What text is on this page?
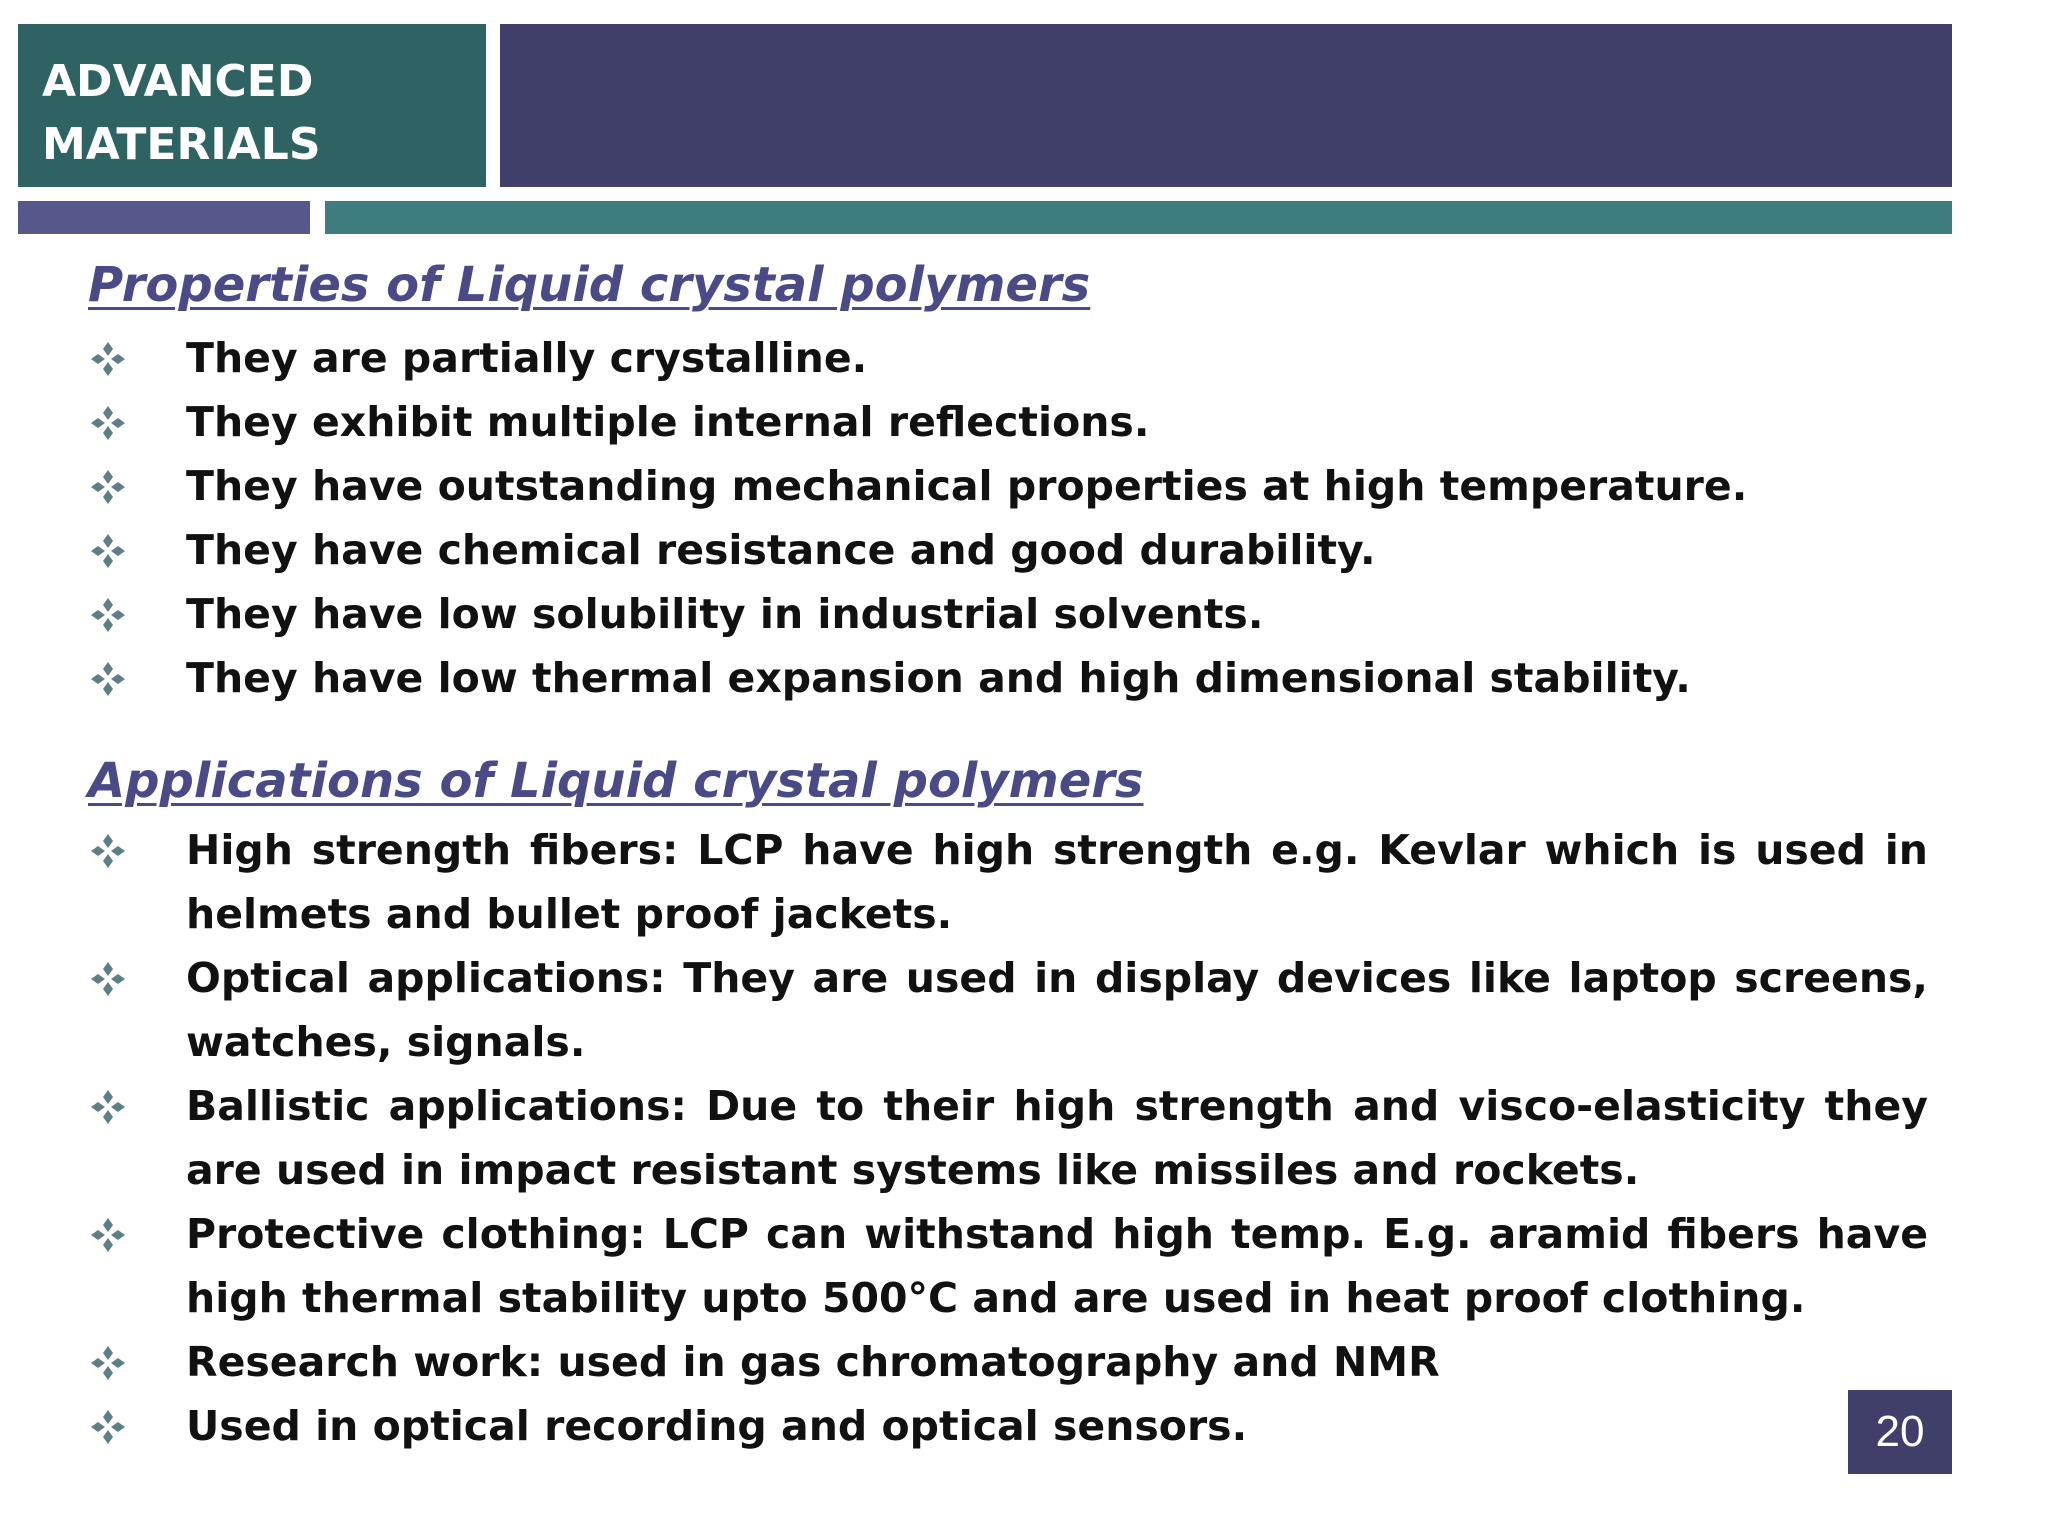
ADVANCED
MATERIALS
Properties of Liquid crystal polymers
They are partially crystalline.
They exhibit multiple internal reflections.
They have outstanding mechanical properties at high temperature.
They have chemical resistance and good durability.
They have low solubility in industrial solvents.
They have low thermal expansion and high dimensional stability.
Applications of Liquid crystal polymers
High strength fibers: LCP have high strength e.g. Kevlar which is used in helmets and bullet proof jackets.
Optical applications: They are used in display devices like laptop screens, watches, signals.
Ballistic applications: Due to their high strength and visco-elasticity they are used in impact resistant systems like missiles and rockets.
Protective clothing: LCP can withstand high temp. E.g. aramid fibers have high thermal stability upto 500°C and are used in heat proof clothing.
Research work: used in gas chromatography and NMR
Used in optical recording and optical sensors.	20
